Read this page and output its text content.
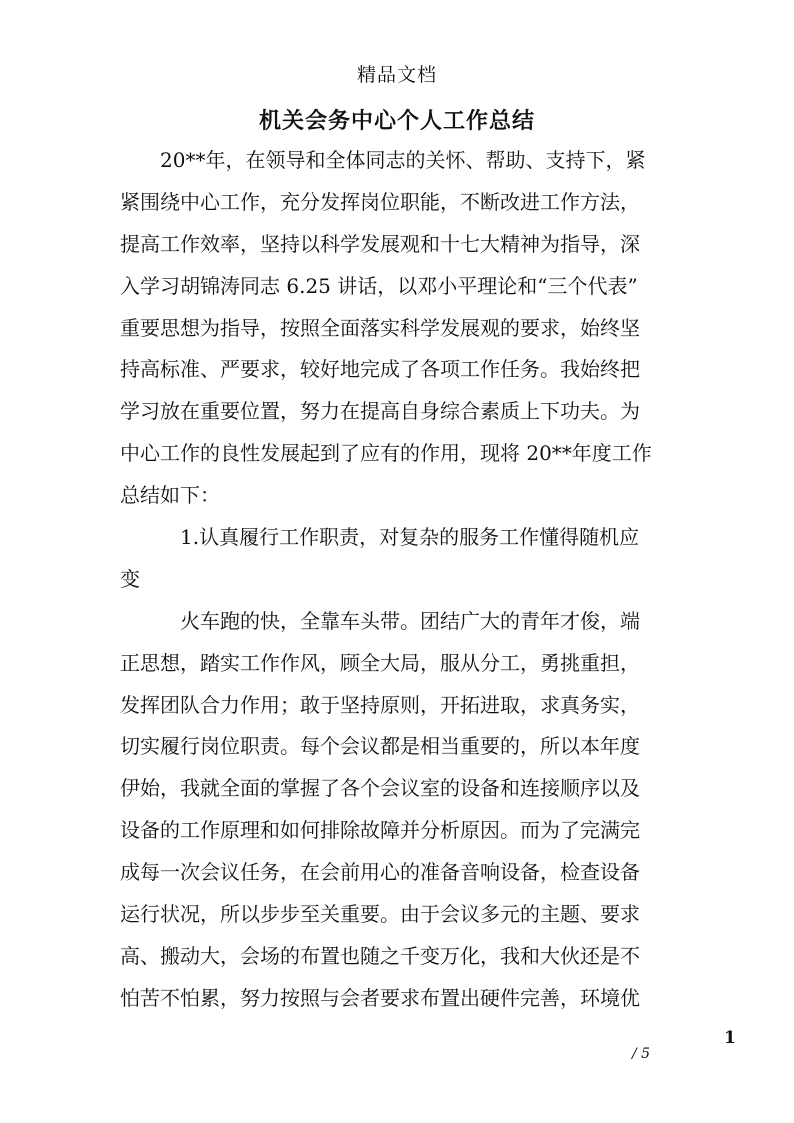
精品文档
机关会务中心个人工作总结
　　20**年，在领导和全体同志的关怀、帮助、支持下，紧
紧围绕中心工作，充分发挥岗位职能，不断改进工作方法，
提高工作效率，坚持以科学发展观和十七大精神为指导，深
入学习胡锦涛同志 6.25 讲话，以邓小平理论和“三个代表”
重要思想为指导，按照全面落实科学发展观的要求，始终坚
持高标准、严要求，较好地完成了各项工作任务。我始终把
学习放在重要位置，努力在提高自身综合素质上下功夫。为
中心工作的良性发展起到了应有的作用，现将 20**年度工作
总结如下：
　　　1.认真履行工作职责，对复杂的服务工作懂得随机应
变
　　　火车跑的快，全靠车头带。团结广大的青年才俊，端
正思想，踏实工作作风，顾全大局，服从分工，勇挑重担，
发挥团队合力作用；敢于坚持原则，开拓进取，求真务实，
切实履行岗位职责。每个会议都是相当重要的，所以本年度
伊始，我就全面的掌握了各个会议室的设备和连接顺序以及
设备的工作原理和如何排除故障并分析原因。而为了完满完
成每一次会议任务，在会前用心的准备音响设备，检查设备
运行状况，所以步步至关重要。由于会议多元的主题、要求
高、搬动大，会场的布置也随之千变万化，我和大伙还是不
怕苦不怕累，努力按照与会者要求布置出硬件完善，环境优
1
/ 5
